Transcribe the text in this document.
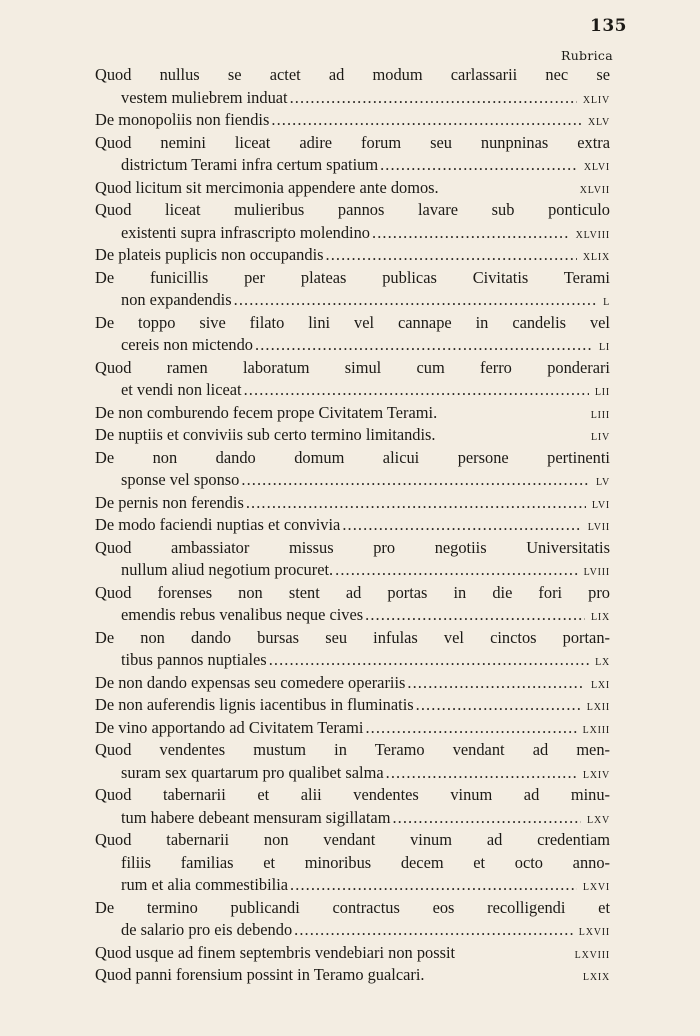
135
Rubrica
Quod nullus se actet ad modum carlassarii nec se
vestem muliebrem induat . . .	xliv
De monopoliis non fiendis . . .	xlv
Quod nemini liceat adire forum seu nunpninas extra
districtum Terami infra certum spatium . . .	xlvi
Quod licitum sit mercimonia appendere ante domos.	xlvii
Quod liceat mulieribus pannos lavare sub ponticulo
existenti supra infrascripto molendino . . .	xlviii
De plateis puplicis non occupandis . . .	xlix
De funicillis per plateas publicas Civitatis Terami
non expandendis . . .	l
De toppo sive filato lini vel cannape in candelis vel
cereis non mictendo . . .	li
Quod ramen laboratum simul cum ferro ponderari
et vendi non liceat . . .	lii
De non comburendo fecem prope Civitatem Terami.	liii
De nuptiis et conviviis sub certo termino limitandis.	liv
De non dando domum alicui persone pertinenti
sponse vel sponso . . .	lv
De pernis non ferendis . . .	lvi
De modo faciendi nuptias et convivia . . .	lvii
Quod ambassiator missus pro negotiis Universitatis
nullum aliud negotium procuret. . . .	lviii
Quod forenses non stent ad portas in die fori pro
emendis rebus venalibus neque cives . . .	lix
De non dando bursas seu infulas vel cinctos portan-
tibus pannos nuptiales . . .	lx
De non dando expensas seu comedere operariis . . .	lxi
De non auferendis lignis iacentibus in fluminatis . . .	lxii
De vino apportando ad Civitatem Terami . . .	lxiii
Quod vendentes mustum in Teramo vendant ad men-
suram sex quartarum pro qualibet salma . . .	lxiv
Quod tabernarii et alii vendentes vinum ad minu-
tum habere debeant mensuram sigillatam . . .	lxv
Quod tabernarii non vendant vinum ad credentiam
filiis familias et minoribus decem et octo anno-
rum et alia commestibilia . . .	lxvi
De termino publicandi contractus eos recolligendi et
de salario pro eis debendo . . .	lxvii
Quod usque ad finem septembris vendebiari non possit	lxviii
Quod panni forensium possint in Teramo gualcari.	lxix
